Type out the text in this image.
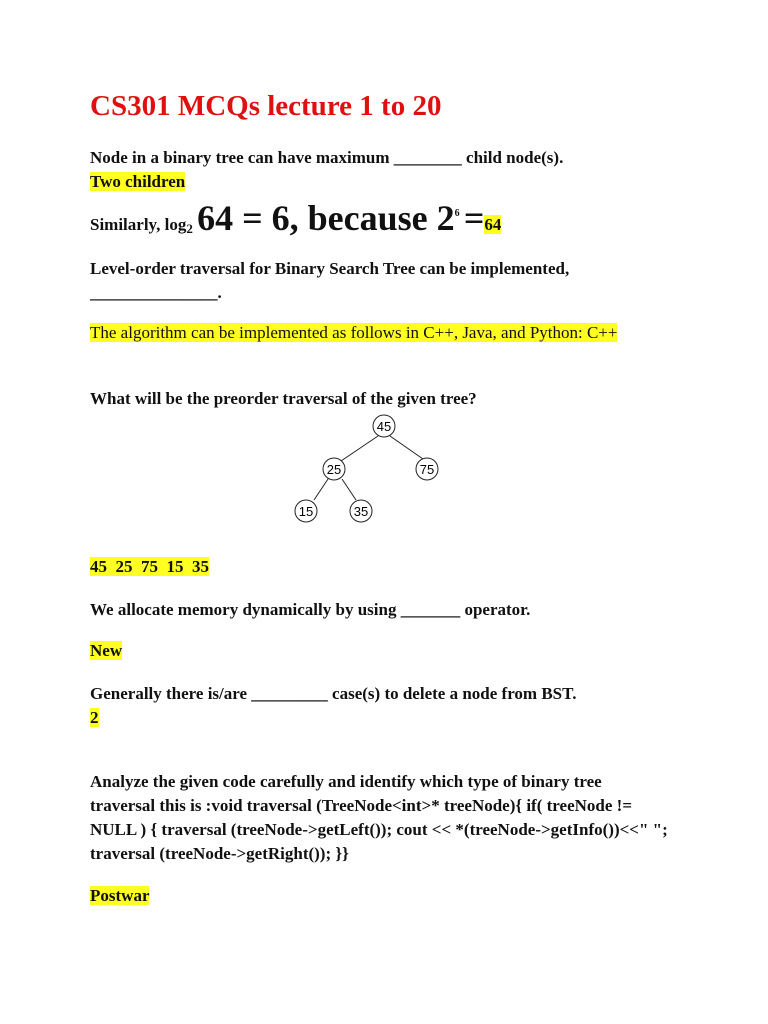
CS301 MCQs lecture 1 to 20
Node in a binary tree can have maximum ________ child node(s).
Two children
Similarly, log2 64 = 6, because $2^6 =64$
Level-order traversal for Binary Search Tree can be implemented, _______________.
The algorithm can be implemented as follows in C++, Java, and Python: C++
What will be the preorder traversal of the given tree?
45
25	75
15	35
45  25  75  15  35
We allocate memory dynamically by using _______ operator.
New
Generally there is/are _________ case(s) to delete a node from BST.
2
Analyze the given code carefully and identify which type of binary tree traversal this is :void traversal (TreeNode<int>* treeNode){ if( treeNode != NULL ) { traversal (treeNode->getLeft()); cout << *(treeNode->getInfo())<<" "; traversal (treeNode->getRight()); }}
Postwar
